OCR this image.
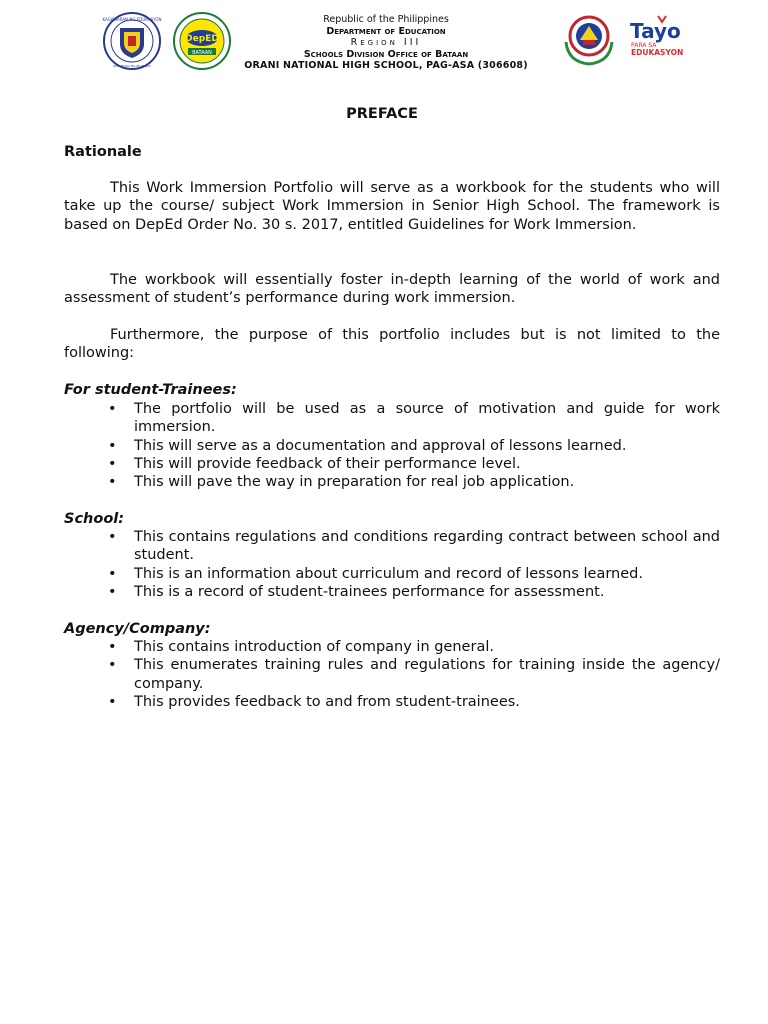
KAGAWARAN NG EDUKASYON
REPUBLIKA NG PILIPINAS
DepED
BATAAN
Republic of the Philippines
Department of Education
Region III
Schools Division Office of Bataan
ORANI NATIONAL HIGH SCHOOL, PAG-ASA (306608)
Tayo
PARA SA
EDUKASYON
PREFACE
Rationale
This Work Immersion Portfolio will serve as a workbook for the students who will take up the course/ subject Work Immersion in Senior High School. The framework is based on DepEd Order No. 30 s. 2017, entitled Guidelines for Work Immersion.
The workbook will essentially foster in-depth learning of the world of work and assessment of student’s performance during work immersion.
Furthermore, the purpose of this portfolio includes but is not limited to the following:
For student-Trainees:
• The portfolio will be used as a source of motivation and guide for work immersion.
• This will serve as a documentation and approval of lessons learned.
• This will provide feedback of their performance level.
• This will pave the way in preparation for real job application.
School:
• This contains regulations and conditions regarding contract between school and student.
• This is an information about curriculum and record of lessons learned.
• This is a record of student-trainees performance for assessment.
Agency/Company:
• This contains introduction of company in general.
• This enumerates training rules and regulations for training inside the agency/ company.
• This provides feedback to and from student-trainees.
